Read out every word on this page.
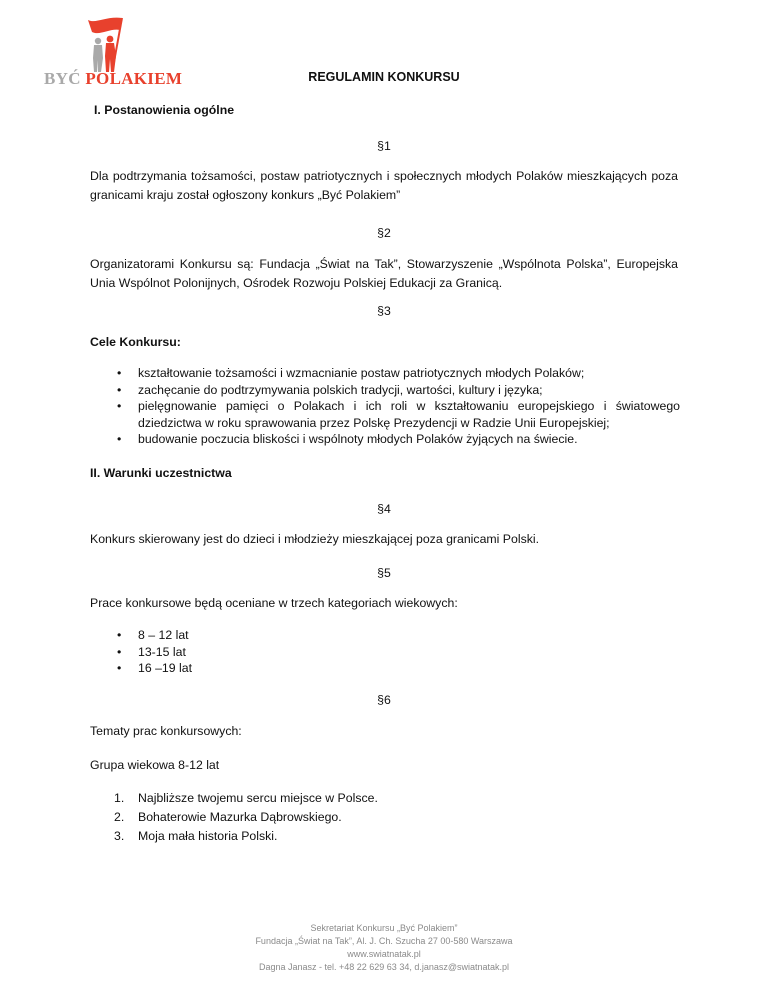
BYĆ POLAKIEM	REGULAMIN KONKURSU
I. Postanowienia ogólne
§1
Dla podtrzymania tożsamości, postaw patriotycznych i społecznych młodych Polaków mieszkających poza granicami kraju został ogłoszony konkurs „Być Polakiem”
§2
Organizatorami Konkursu są: Fundacja „Świat na Tak”, Stowarzyszenie „Wspólnota Polska”, Europejska Unia Wspólnot Polonijnych, Ośrodek Rozwoju Polskiej Edukacji za Granicą.
§3
Cele Konkursu:
• kształtowanie tożsamości i wzmacnianie postaw patriotycznych młodych Polaków;
• zachęcanie do podtrzymywania polskich tradycji, wartości, kultury i języka;
• pielęgnowanie pamięci o Polakach i ich roli w kształtowaniu europejskiego i światowego dziedzictwa w roku sprawowania przez Polskę Prezydencji w Radzie Unii Europejskiej;
• budowanie poczucia bliskości i wspólnoty młodych Polaków żyjących na świecie.
II. Warunki uczestnictwa
§4
Konkurs skierowany jest do dzieci i młodzieży mieszkającej poza granicami Polski.
§5
Prace konkursowe będą oceniane w trzech kategoriach wiekowych:
• 8 – 12 lat
• 13-15 lat
• 16 –19 lat
§6
Tematy prac konkursowych:
Grupa wiekowa 8-12 lat
1. Najbliższe twojemu sercu miejsce w Polsce.
2. Bohaterowie Mazurka Dąbrowskiego.
3. Moja mała historia Polski.
Sekretariat Konkursu „Być Polakiem”
Fundacja „Świat na Tak”, Al. J. Ch. Szucha 27 00-580 Warszawa
www.swiatnatak.pl
Dagna Janasz - tel. +48 22 629 63 34, d.janasz@swiatnatak.pl
